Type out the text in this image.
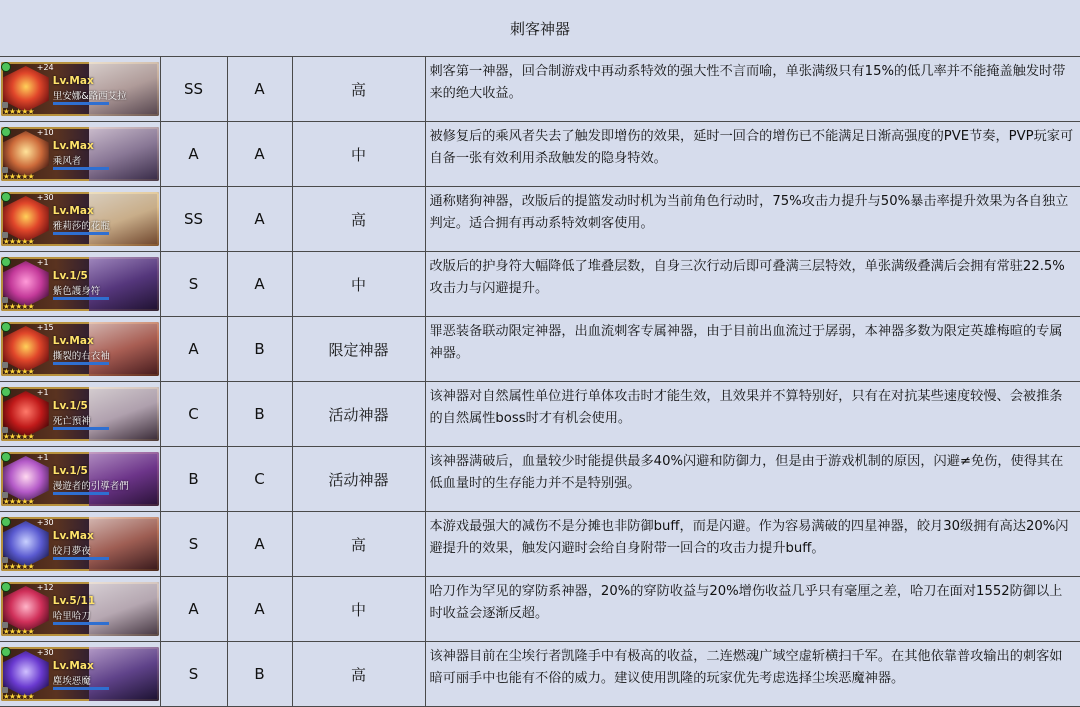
刺客神器
+24
Lv.Max
里安娜&路西艾拉
★★★★★	SS	A	高	刺客第一神器，回合制游戏中再动系特效的强大性不言而喻，单张满级只有15%的低几率并不能掩盖触发时带来的绝大收益。

+10
Lv.Max
乘风者
★★★★★	A	A	中	被修复后的乘风者失去了触发即增伤的效果，延时一回合的增伤已不能满足日渐高强度的PVE节奏，PVP玩家可自备一张有效利用杀敌触发的隐身特效。

+30
Lv.Max
雅莉莎的花瓶
★★★★★	SS	A	高	通称赌狗神器，改版后的提篮发动时机为当前角色行动时，75%攻击力提升与50%暴击率提升效果为各自独立判定。适合拥有再动系特效刺客使用。

+1
Lv.1/5
紫色護身符
★★★★★	S	A	中	改版后的护身符大幅降低了堆叠层数，自身三次行动后即可叠满三层特效，单张满级叠满后会拥有常驻22.5%攻击力与闪避提升。

+15
Lv.Max
撕裂的右衣袖
★★★★★	A	B	限定神器	罪恶装备联动限定神器，出血流刺客专属神器，由于目前出血流过于孱弱，本神器多数为限定英雄梅暄的专属神器。

+1
Lv.1/5
死亡預神
★★★★★	C	B	活动神器	该神器对自然属性单位进行单体攻击时才能生效，且效果并不算特别好，只有在对抗某些速度较慢、会被推条的自然属性boss时才有机会使用。

+1
Lv.1/5
漫遊者的引導者們
★★★★★	B	C	活动神器	该神器满破后，血量较少时能提供最多40%闪避和防御力，但是由于游戏机制的原因，闪避≠免伤，使得其在低血量时的生存能力并不是特别强。

+30
Lv.Max
皎月夢夜
★★★★★	S	A	高	本游戏最强大的减伤不是分摊也非防御buff，而是闪避。作为容易满破的四星神器，皎月30级拥有高达20%闪避提升的效果，触发闪避时会给自身附带一回合的攻击力提升buff。

+12
Lv.5/11
哈里哈刀
★★★★★	A	A	中	哈刀作为罕见的穿防系神器，20%的穿防收益与20%增伤收益几乎只有毫厘之差，哈刀在面对1552防御以上时收益会逐渐反超。

+30
Lv.Max
塵埃惡魔
★★★★★	S	B	高	该神器目前在尘埃行者凯隆手中有极高的收益，二连燃魂广域空虚斩横扫千军。在其他依靠普攻输出的刺客如暗可丽手中也能有不俗的威力。建议使用凯隆的玩家优先考虑选择尘埃恶魔神器。
